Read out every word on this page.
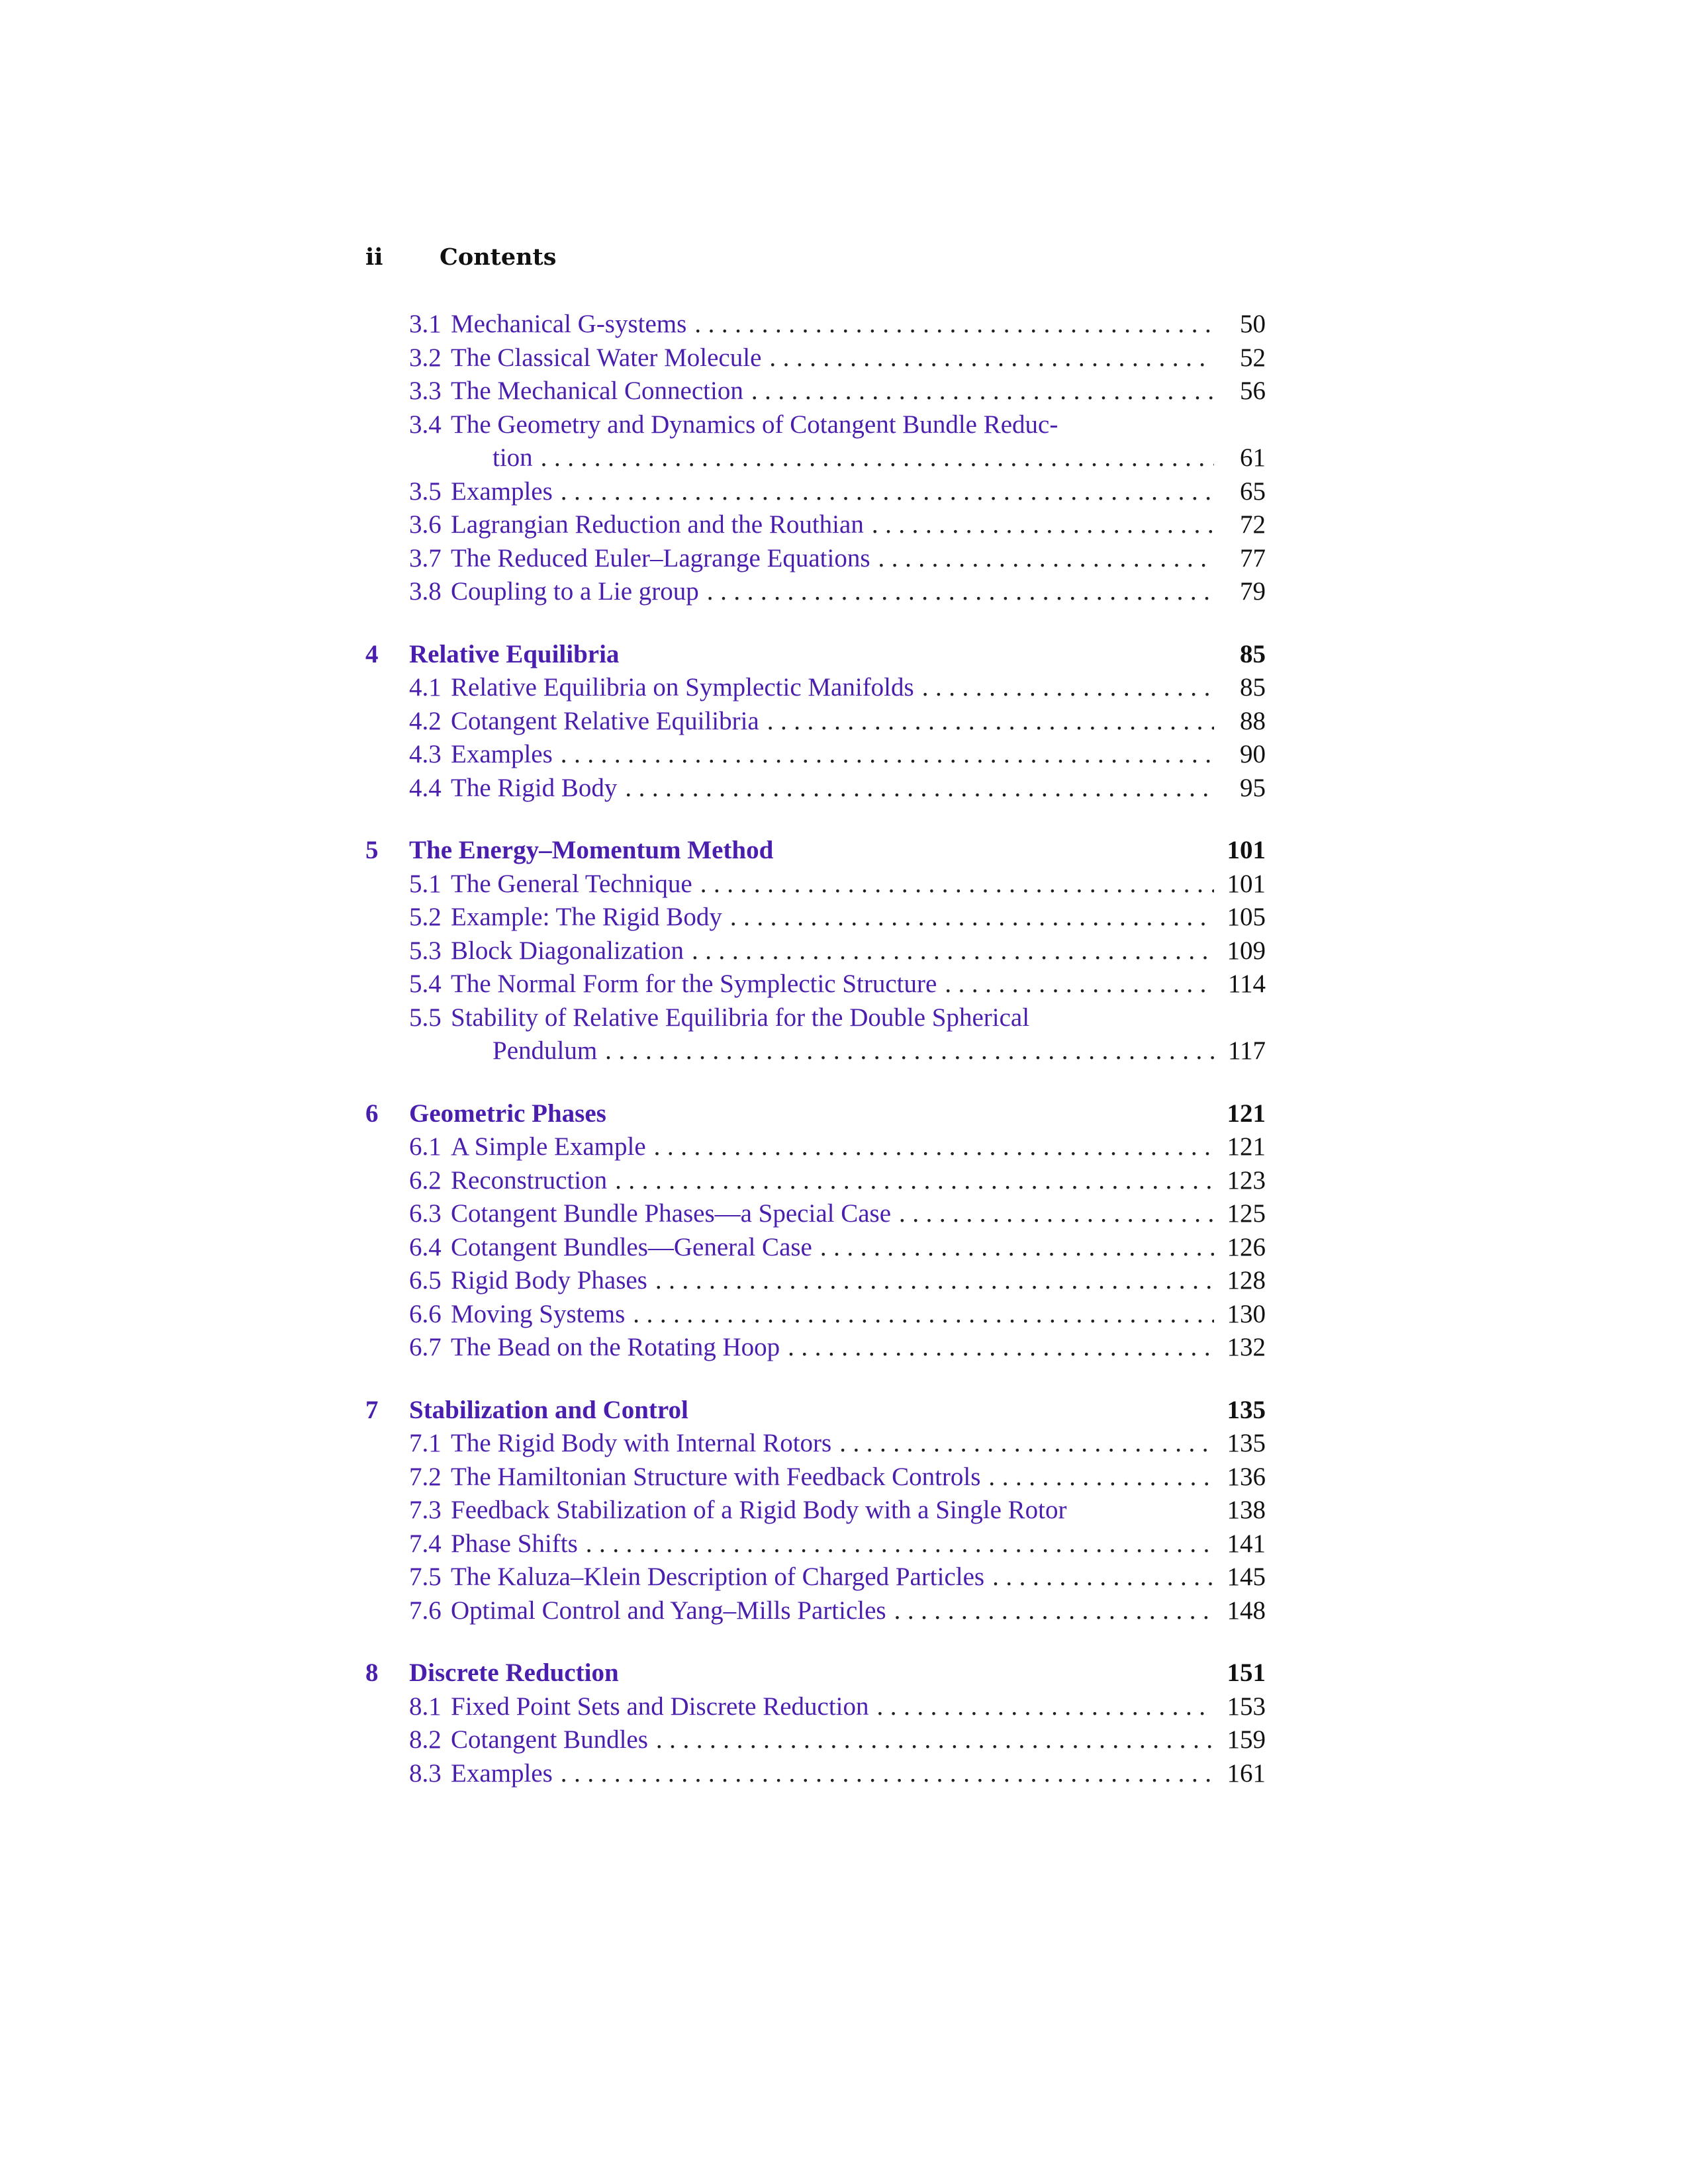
ii Contents
3.1 Mechanical G-systems . . .	50
3.2 The Classical Water Molecule . . .	52
3.3 The Mechanical Connection . . .	56
3.4 The Geometry and Dynamics of Cotangent Bundle Reduc-
tion . . .	61
3.5 Examples . . .	65
3.6 Lagrangian Reduction and the Routhian . . .	72
3.7 The Reduced Euler–Lagrange Equations . . .	77
3.8 Coupling to a Lie group . . .	79
4	Relative Equilibria	85
4.1 Relative Equilibria on Symplectic Manifolds . . .	85
4.2 Cotangent Relative Equilibria . . .	88
4.3 Examples . . .	90
4.4 The Rigid Body . . .	95
5	The Energy–Momentum Method	101
5.1 The General Technique . . .	101
5.2 Example: The Rigid Body . . .	105
5.3 Block Diagonalization . . .	109
5.4 The Normal Form for the Symplectic Structure . . .	114
5.5 Stability of Relative Equilibria for the Double Spherical
Pendulum . . .	117
6	Geometric Phases	121
6.1 A Simple Example . . .	121
6.2 Reconstruction . . .	123
6.3 Cotangent Bundle Phases—a Special Case . . .	125
6.4 Cotangent Bundles—General Case . . .	126
6.5 Rigid Body Phases . . .	128
6.6 Moving Systems . . .	130
6.7 The Bead on the Rotating Hoop . . .	132
7	Stabilization and Control	135
7.1 The Rigid Body with Internal Rotors . . .	135
7.2 The Hamiltonian Structure with Feedback Controls . . .	136
7.3 Feedback Stabilization of a Rigid Body with a Single Rotor	138
7.4 Phase Shifts . . .	141
7.5 The Kaluza–Klein Description of Charged Particles . . .	145
7.6 Optimal Control and Yang–Mills Particles . . .	148
8	Discrete Reduction	151
8.1 Fixed Point Sets and Discrete Reduction . . .	153
8.2 Cotangent Bundles . . .	159
8.3 Examples . . .	161
